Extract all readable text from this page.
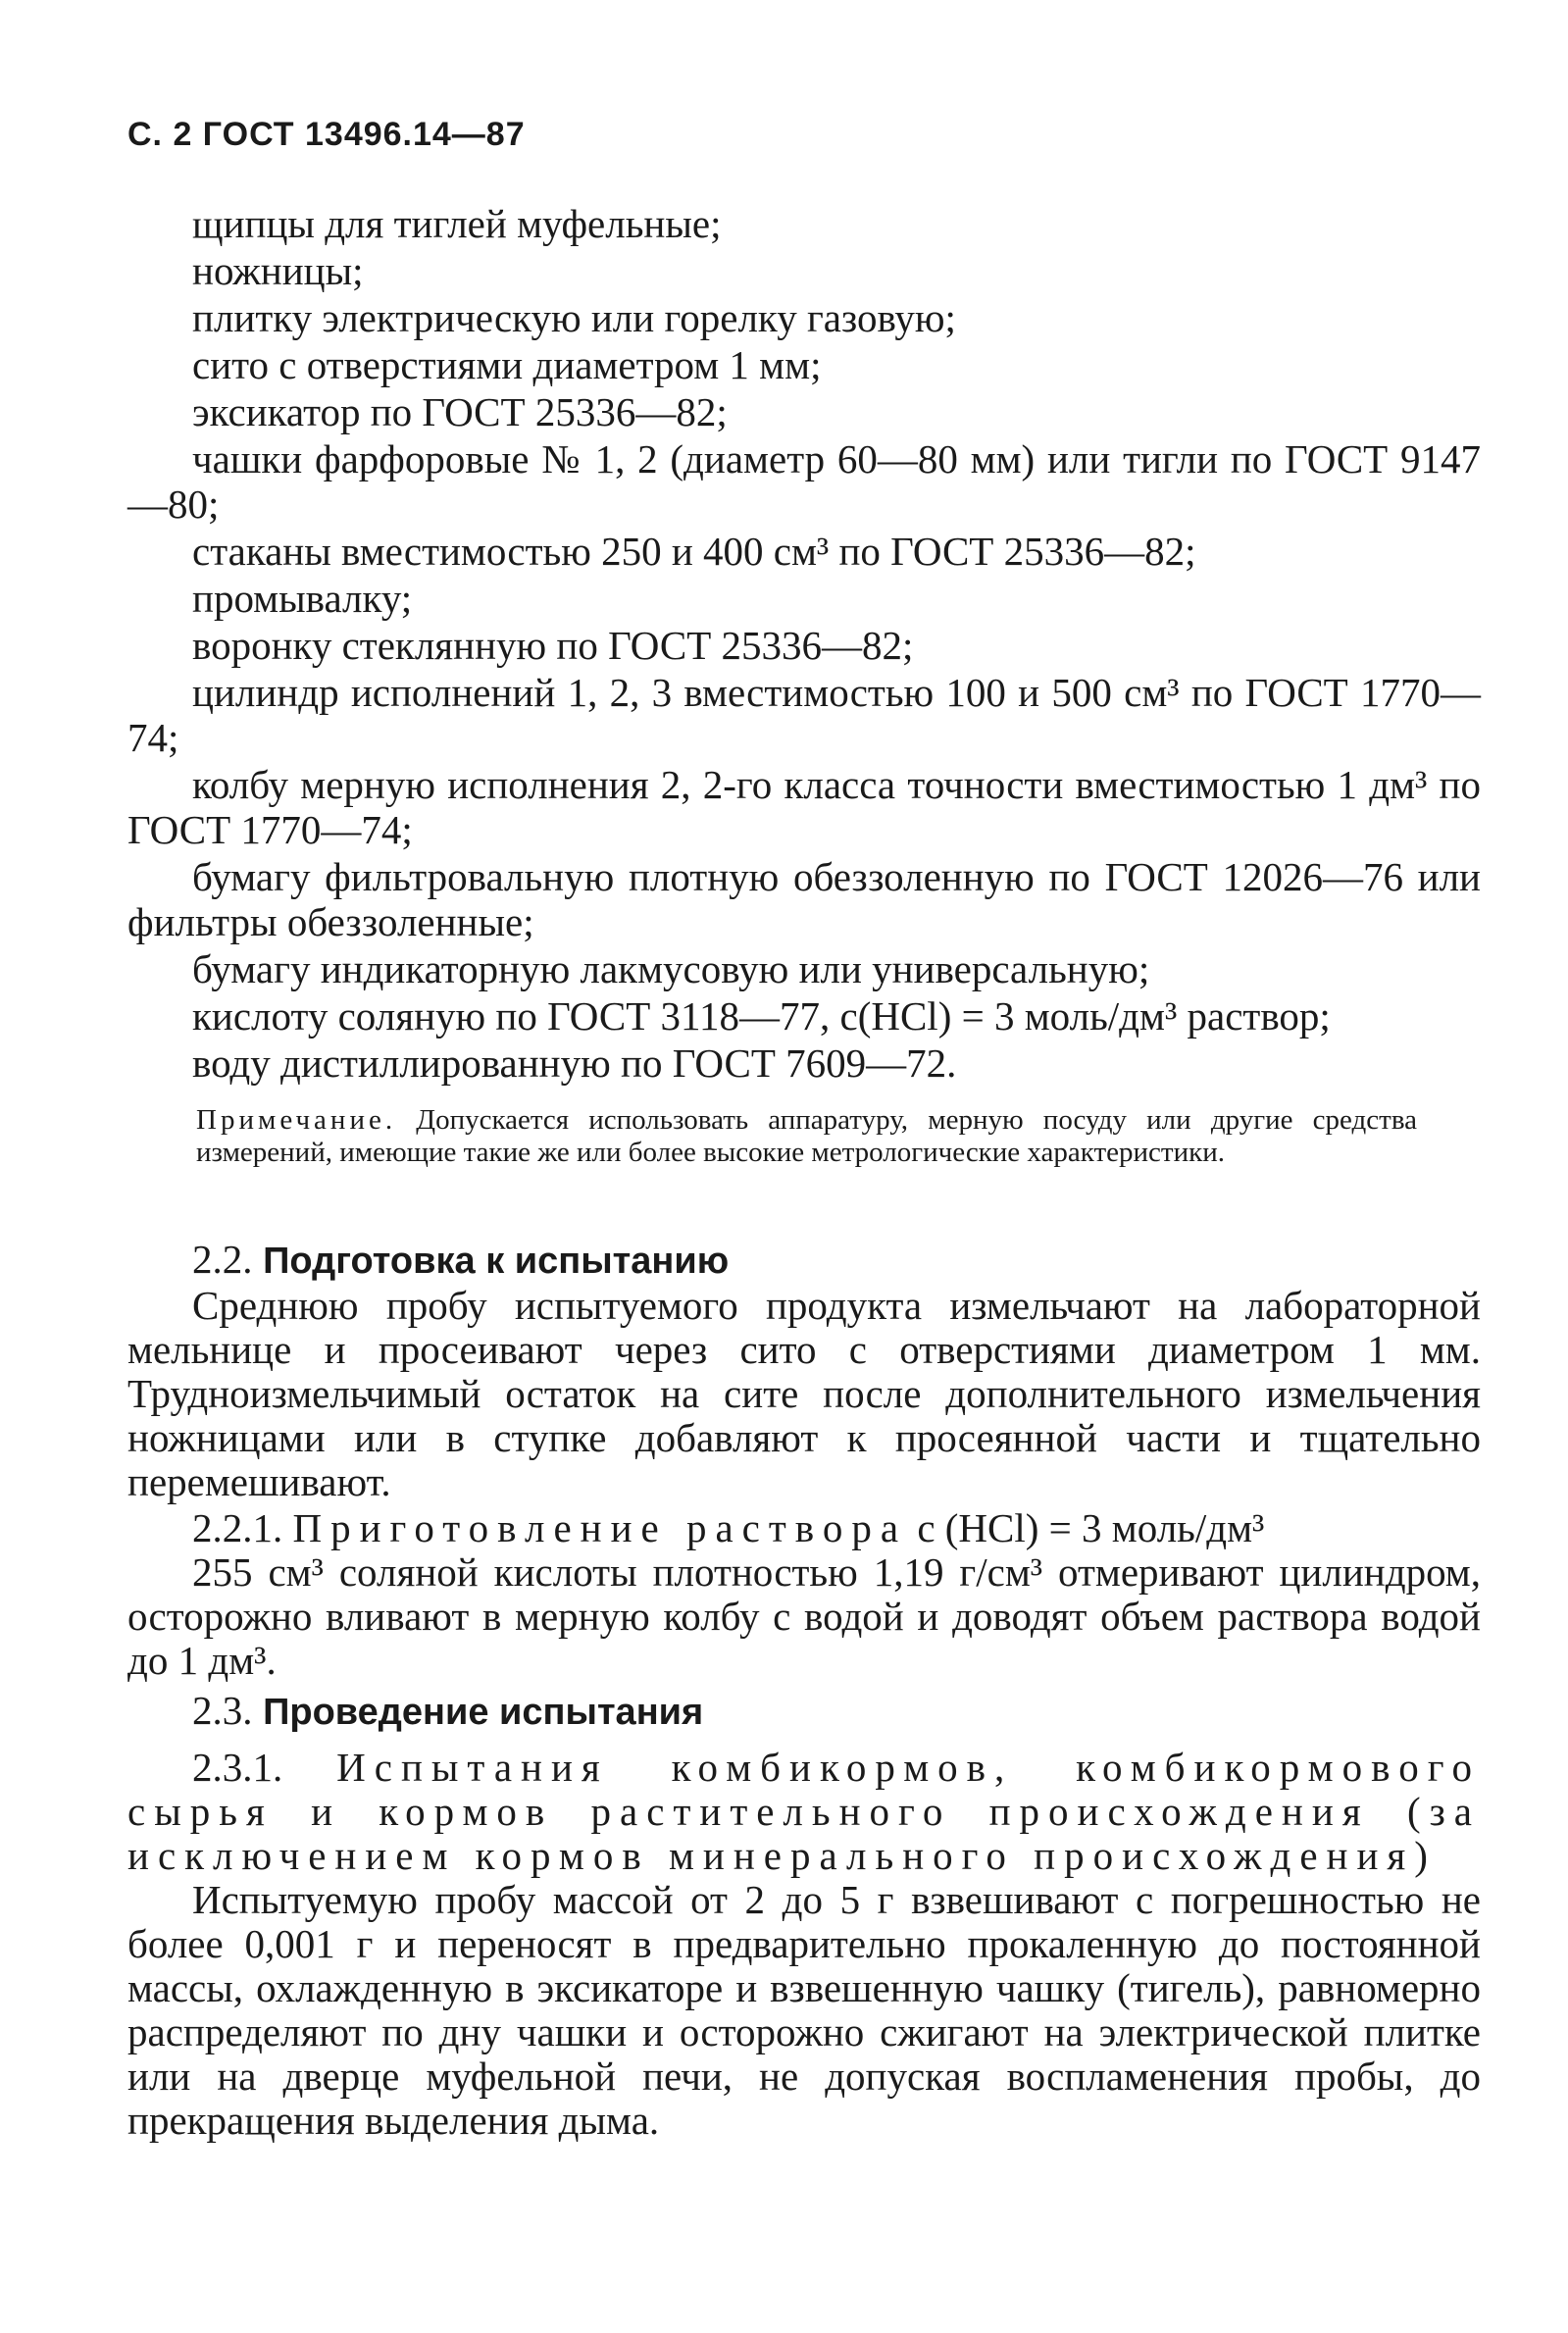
С. 2 ГОСТ 13496.14—87
щипцы для тиглей муфельные;
ножницы;
плитку электрическую или горелку газовую;
сито с отверстиями диаметром 1 мм;
эксикатор по ГОСТ 25336—82;
чашки фарфоровые № 1, 2 (диаметр 60—80 мм) или тигли по ГОСТ 9147—80;
стаканы вместимостью 250 и 400 см³ по ГОСТ 25336—82;
промывалку;
воронку стеклянную по ГОСТ 25336—82;
цилиндр исполнений 1, 2, 3 вместимостью 100 и 500 см³ по ГОСТ 1770—74;
колбу мерную исполнения 2, 2-го класса точности вместимостью 1 дм³ по ГОСТ 1770—74;
бумагу фильтровальную плотную обеззоленную по ГОСТ 12026—76 или фильтры обеззоленные;
бумагу индикаторную лакмусовую или универсальную;
кислоту соляную по ГОСТ 3118—77, c(HCl) = 3 моль/дм³ раствор;
воду дистиллированную по ГОСТ 7609—72.
Примечание. Допускается использовать аппаратуру, мерную посуду или другие средства измерений, имеющие такие же или более высокие метрологические характеристики.
2.2. Подготовка к испытанию
Среднюю пробу испытуемого продукта измельчают на лабораторной мельнице и просеивают через сито с отверстиями диаметром 1 мм. Трудноизмельчимый остаток на сите после дополнительного измельчения ножницами или в ступке добавляют к просеянной части и тщательно перемешивают.
2.2.1. Приготовление раствора c (HCl) = 3 моль/дм³
255 см³ соляной кислоты плотностью 1,19 г/см³ отмеривают цилиндром, осторожно вливают в мерную колбу с водой и доводят объем раствора водой до 1 дм³.
2.3. Проведение испытания
2.3.1. Испытания комбикормов, комбикормового сырья и кормов растительного происхождения (за исключением кормов минерального происхождения)
Испытуемую пробу массой от 2 до 5 г взвешивают с погрешностью не более 0,001 г и переносят в предварительно прокаленную до постоянной массы, охлажденную в эксикаторе и взвешенную чашку (тигель), равномерно распределяют по дну чашки и осторожно сжигают на электрической плитке или на дверце муфельной печи, не допуская воспламенения пробы, до прекращения выделения дыма.
